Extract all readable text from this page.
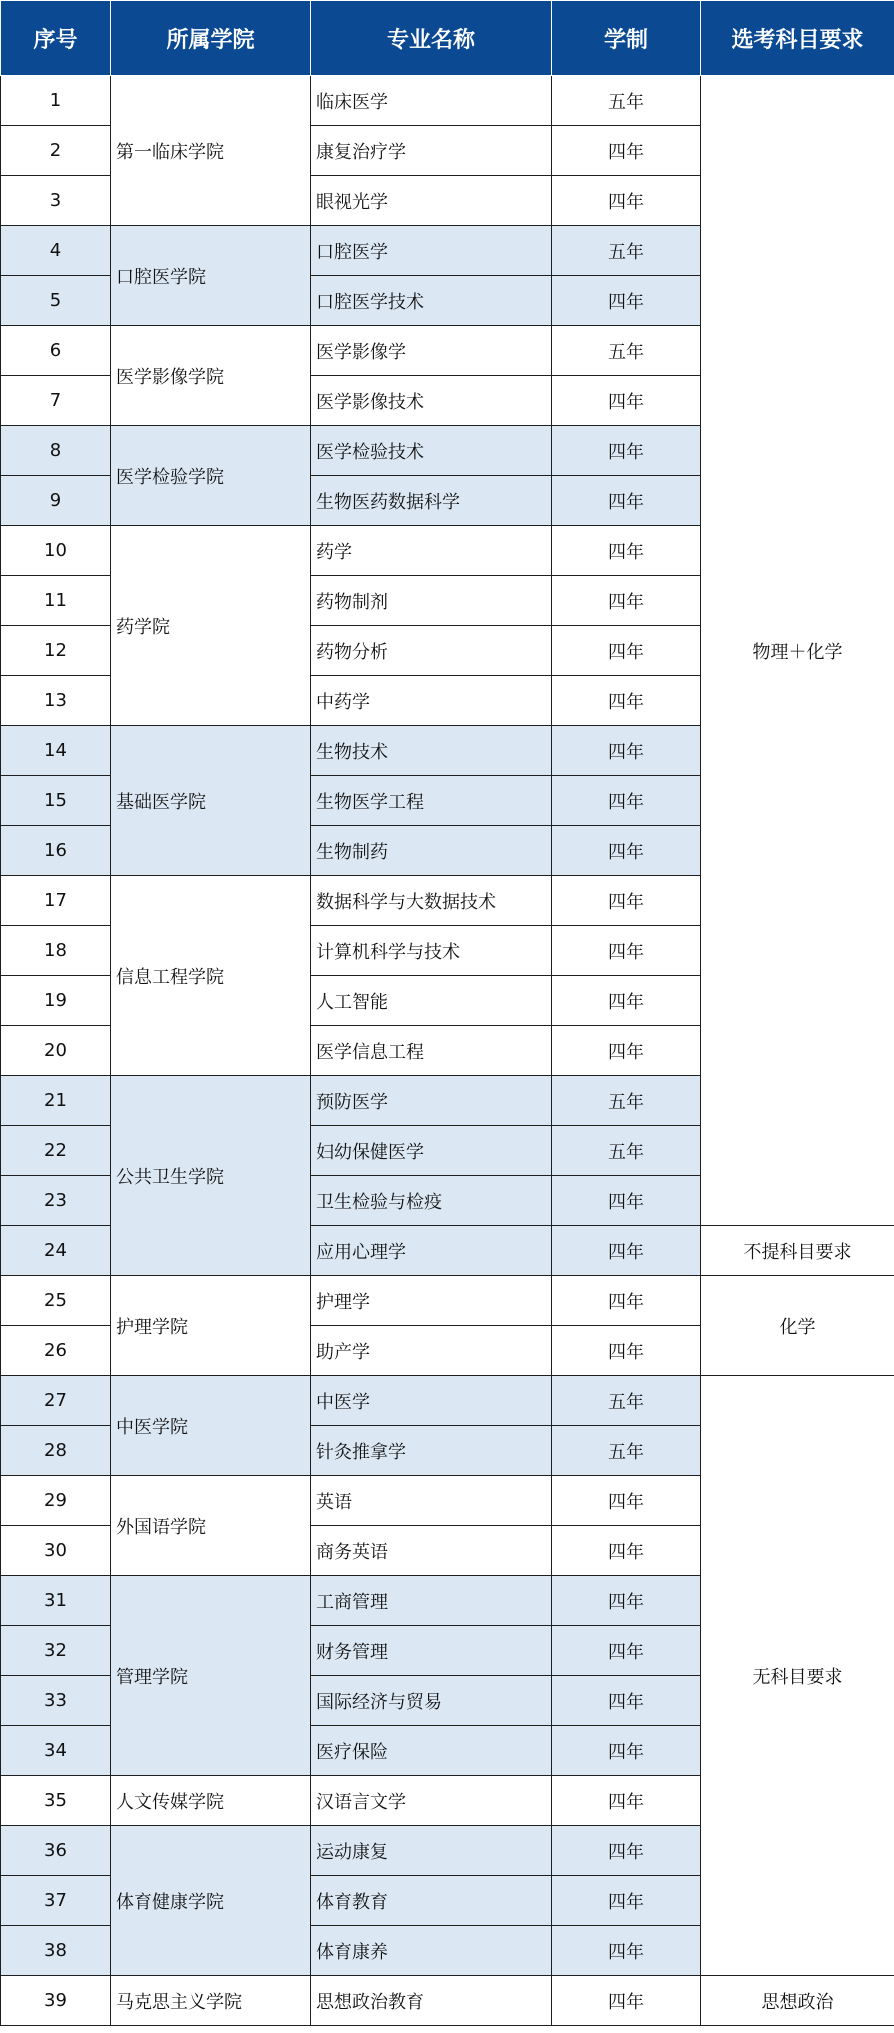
序号	所属学院	专业名称	学制	选考科目要求
1	第一临床学院	临床医学	五年	物理＋化学
2		康复治疗学	四年	
3		眼视光学	四年	
4	口腔医学院	口腔医学	五年	
5		口腔医学技术	四年	
6	医学影像学院	医学影像学	五年	
7		医学影像技术	四年	
8	医学检验学院	医学检验技术	四年	
9		生物医药数据科学	四年	
10	药学院	药学	四年	
11		药物制剂	四年	
12		药物分析	四年	
13		中药学	四年	
14	基础医学院	生物技术	四年	
15		生物医学工程	四年	
16		生物制药	四年	
17	信息工程学院	数据科学与大数据技术	四年	
18		计算机科学与技术	四年	
19		人工智能	四年	
20		医学信息工程	四年	
21	公共卫生学院	预防医学	五年	
22		妇幼保健医学	五年	
23		卫生检验与检疫	四年	
24		应用心理学	四年	不提科目要求
25	护理学院	护理学	四年	化学
26		助产学	四年	
27	中医学院	中医学	五年	无科目要求
28		针灸推拿学	五年	
29	外国语学院	英语	四年	
30		商务英语	四年	
31	管理学院	工商管理	四年	
32		财务管理	四年	
33		国际经济与贸易	四年	
34		医疗保险	四年	
35	人文传媒学院	汉语言文学	四年	
36	体育健康学院	运动康复	四年	
37		体育教育	四年	
38		体育康养	四年	
39	马克思主义学院	思想政治教育	四年	思想政治
